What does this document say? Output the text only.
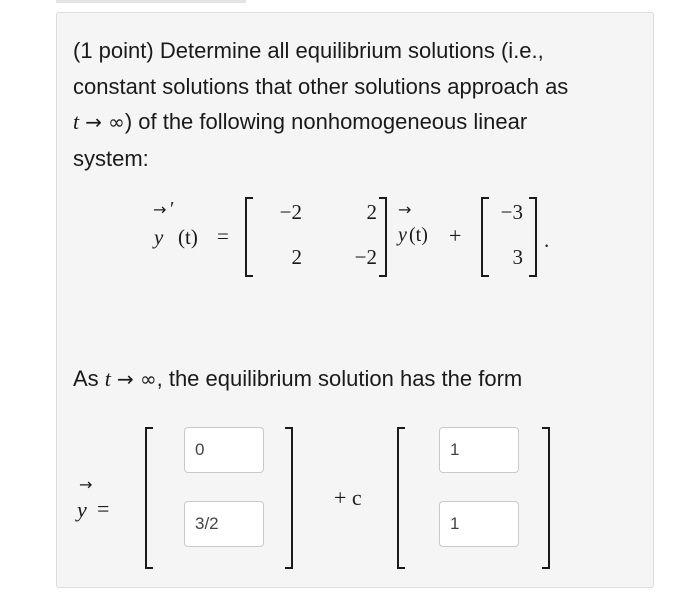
(1 point) Determine all equilibrium solutions (i.e.,
constant solutions that other solutions approach as
t → ∞) of the following nonhomogeneous linear
system:

→ ′
y (t) =
−2
2
2
−2
→
y (t) +
−3
3
.

As t → ∞, the equilibrium solution has the form

→
y =
0
3/2	+ c
1
1
